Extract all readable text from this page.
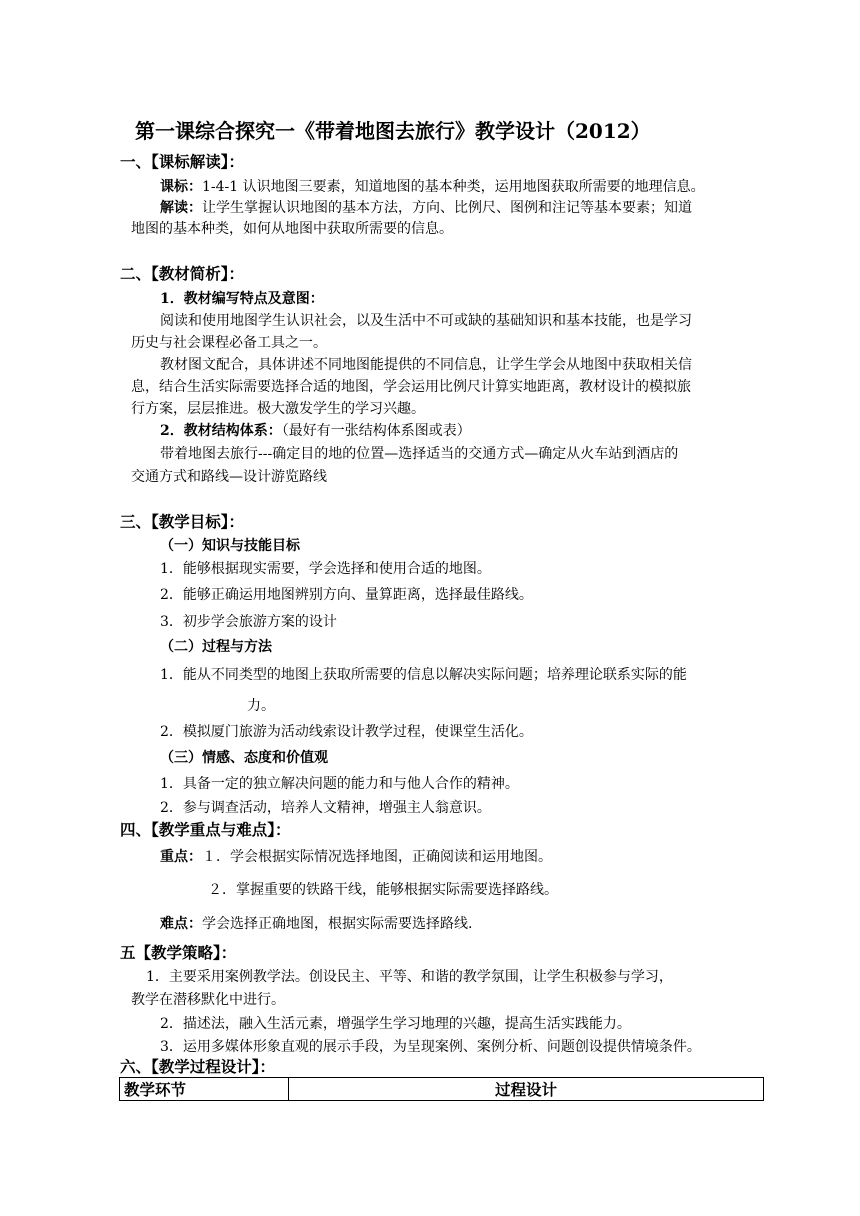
第一课综合探究一《带着地图去旅行》教学设计（2012）
一、【课标解读】：
课标：1-4-1 认识地图三要素，知道地图的基本种类，运用地图获取所需要的地理信息。
解读：让学生掌握认识地图的基本方法，方向、比例尺、图例和注记等基本要素；知道
地图的基本种类，如何从地图中获取所需要的信息。
二、【教材简析】：
1．教材编写特点及意图：
阅读和使用地图学生认识社会，以及生活中不可或缺的基础知识和基本技能，也是学习
历史与社会课程必备工具之一。
教材图文配合，具体讲述不同地图能提供的不同信息，让学生学会从地图中获取相关信
息，结合生活实际需要选择合适的地图，学会运用比例尺计算实地距离，教材设计的模拟旅
行方案，层层推进。极大激发学生的学习兴趣。
2．教材结构体系：（最好有一张结构体系图或表）
带着地图去旅行---确定目的地的位置—选择适当的交通方式—确定从火车站到酒店的
交通方式和路线—设计游览路线
三、【教学目标】：
（一）知识与技能目标
1．能够根据现实需要，学会选择和使用合适的地图。
2．能够正确运用地图辨别方向、量算距离，选择最佳路线。
3．初步学会旅游方案的设计
（二）过程与方法
1．能从不同类型的地图上获取所需要的信息以解决实际问题；培养理论联系实际的能
力。
2．模拟厦门旅游为活动线索设计教学过程，使课堂生活化。
（三）情感、态度和价值观
1．具备一定的独立解决问题的能力和与他人合作的精神。
2．参与调查活动，培养人文精神，增强主人翁意识。
四、【教学重点与难点】：
重点：１．学会根据实际情况选择地图，正确阅读和运用地图。
２．掌握重要的铁路干线，能够根据实际需要选择路线。
难点：学会选择正确地图，根据实际需要选择路线.
五【教学策略】：
1．主要采用案例教学法。创设民主、平等、和谐的教学氛围，让学生积极参与学习，
教学在潜移默化中进行。
2．描述法，融入生活元素，增强学生学习地理的兴趣，提高生活实践能力。
3．运用多媒体形象直观的展示手段，为呈现案例、案例分析、问题创设提供情境条件。
六、【教学过程设计】：
教学环节	过程设计
